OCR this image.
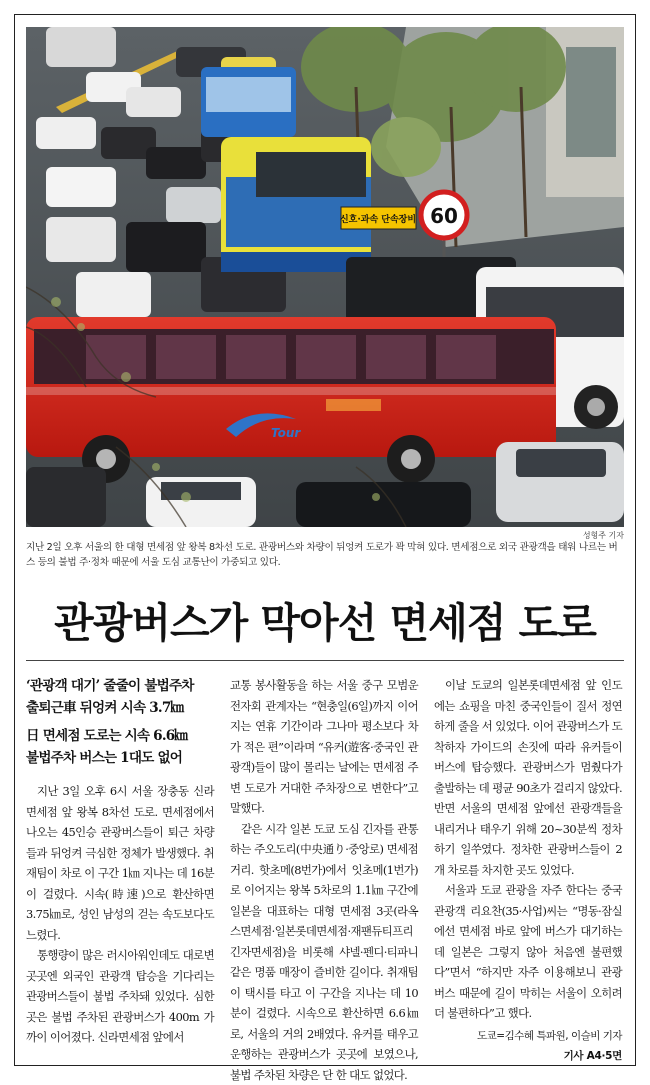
신호·과속 단속장비 60
Tour
성형주 기자
지난 2일 오후 서울의 한 대형 면세점 앞 왕복 8차선 도로. 관광버스와 차량이 뒤엉켜 도로가 꽉 막혀 있다. 면세점으로 외국 관광객을 태워 나르는 버스 등의 불법 주·정차 때문에 서울 도심 교통난이 가중되고 있다.
관광버스가 막아선 면세점 도로
‘관광객 대기’ 줄줄이 불법주차
출퇴근車 뒤엉켜 시속 3.7㎞
日 면세점 도로는 시속 6.6㎞
불법주차 버스는 1대도 없어

지난 3일 오후 6시 서울 장충동 신라면세점 앞 왕복 8차선 도로. 면세점에서 나오는 45인승 관광버스들이 퇴근 차량들과 뒤엉켜 극심한 정체가 발생했다. 취재팀이 차로 이 구간 1㎞ 지나는 데 16분이 걸렸다. 시속(時速)으로 환산하면 3.75㎞로, 성인 남성의 걷는 속도보다도 느렸다.

통행량이 많은 러시아워인데도 대로변 곳곳엔 외국인 관광객 탑승을 기다리는 관광버스들이 불법 주차돼 있었다. 심한 곳은 불법 주차된 관광버스가 400m 가까이 이어졌다. 신라면세점 앞에서

교통 봉사활동을 하는 서울 중구 모범운전자회 관계자는 “현충일(6일)까지 이어지는 연휴 기간이라 그나마 평소보다 차가 적은 편”이라며 “유커(遊客·중국인 관광객)들이 많이 몰리는 날에는 면세점 주변 도로가 거대한 주차장으로 변한다”고 말했다.

같은 시각 일본 도쿄 도심 긴자를 관통하는 주오도리(中央通り·중앙로) 면세점 거리. 핫초메(8번가)에서 잇초메(1번가)로 이어지는 왕복 5차로의 1.1㎞ 구간에 일본을 대표하는 대형 면세점 3곳(라옥스면세점·일본롯데면세점·재팬듀티프리긴자면세점)을 비롯해 샤넬·펜디·티파니 같은 명품 매장이 즐비한 길이다. 취재팀이 택시를 타고 이 구간을 지나는 데 10분이 걸렸다. 시속으로 환산하면 6.6㎞로, 서울의 거의 2배였다. 유커를 태우고 운행하는 관광버스가 곳곳에 보였으나, 불법 주차된 차량은 단 한 대도 없었다.

이날 도쿄의 일본롯데면세점 앞 인도에는 쇼핑을 마친 중국인들이 질서 정연하게 줄을 서 있었다. 이어 관광버스가 도착하자 가이드의 손짓에 따라 유커들이 버스에 탑승했다. 관광버스가 멈췄다가 출발하는 데 평균 90초가 걸리지 않았다. 반면 서울의 면세점 앞에선 관광객들을 내리거나 태우기 위해 20~30분씩 정차하기 일쑤였다. 정차한 관광버스들이 2개 차로를 차지한 곳도 있었다.

서울과 도쿄 관광을 자주 한다는 중국 관광객 리요찬(35·사업)씨는 “명동·잠실에선 면세점 바로 앞에 버스가 대기하는데 일본은 그렇지 않아 처음엔 불편했다”면서 “하지만 자주 이용해보니 관광버스 때문에 길이 막히는 서울이 오히려 더 불편하다”고 했다.

도쿄=김수혜 특파원, 이슬비 기자
기사 A4·5면
